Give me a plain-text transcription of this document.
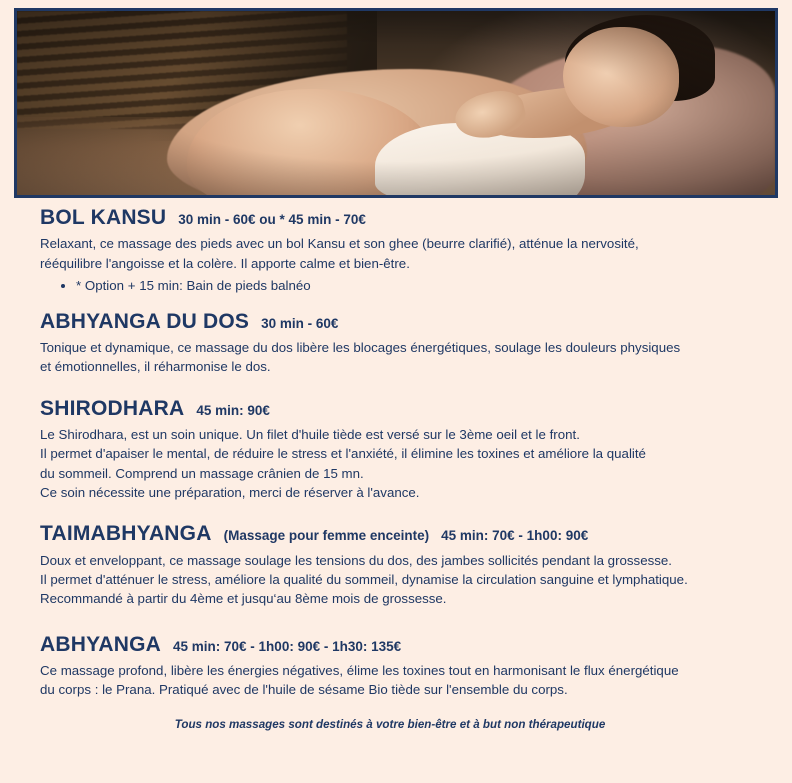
BOL KANSU 30 min - 60€ ou * 45 min - 70€
Relaxant, ce massage des pieds avec un bol Kansu et son ghee (beurre clarifié), atténue la nervosité,
rééquilibre l'angoisse et la colère. Il apporte calme et bien-être.
• * Option + 15 min: Bain de pieds balnéo
ABHYANGA DU DOS 30 min - 60€
Tonique et dynamique, ce massage du dos libère les blocages énergétiques, soulage les douleurs physiques
et émotionnelles, il réharmonise le dos.
SHIRODHARA 45 min: 90€
Le Shirodhara, est un soin unique. Un filet d'huile tiède est versé sur le 3ème oeil et le front.
Il permet d'apaiser le mental, de réduire le stress et l'anxiété, il élimine les toxines et améliore la qualité
du sommeil. Comprend un massage crânien de 15 mn.
Ce soin nécessite une préparation, merci de réserver à l'avance.
TAIMABHYANGA (Massage pour femme enceinte) 45 min: 70€ - 1h00: 90€
Doux et enveloppant, ce massage soulage les tensions du dos, des jambes sollicités pendant la grossesse.
Il permet d'atténuer le stress, améliore la qualité du sommeil, dynamise la circulation sanguine et lymphatique.
Recommandé à partir du 4ème et jusqu‘au 8ème mois de grossesse.
ABHYANGA 45 min: 70€ - 1h00: 90€ - 1h30: 135€
Ce massage profond, libère les énergies négatives, élime les toxines tout en harmonisant le flux énergétique
du corps : le Prana. Pratiqué avec de l'huile de sésame Bio tiède sur l'ensemble du corps.
Tous nos massages sont destinés à votre bien-être et à but non thérapeutique
